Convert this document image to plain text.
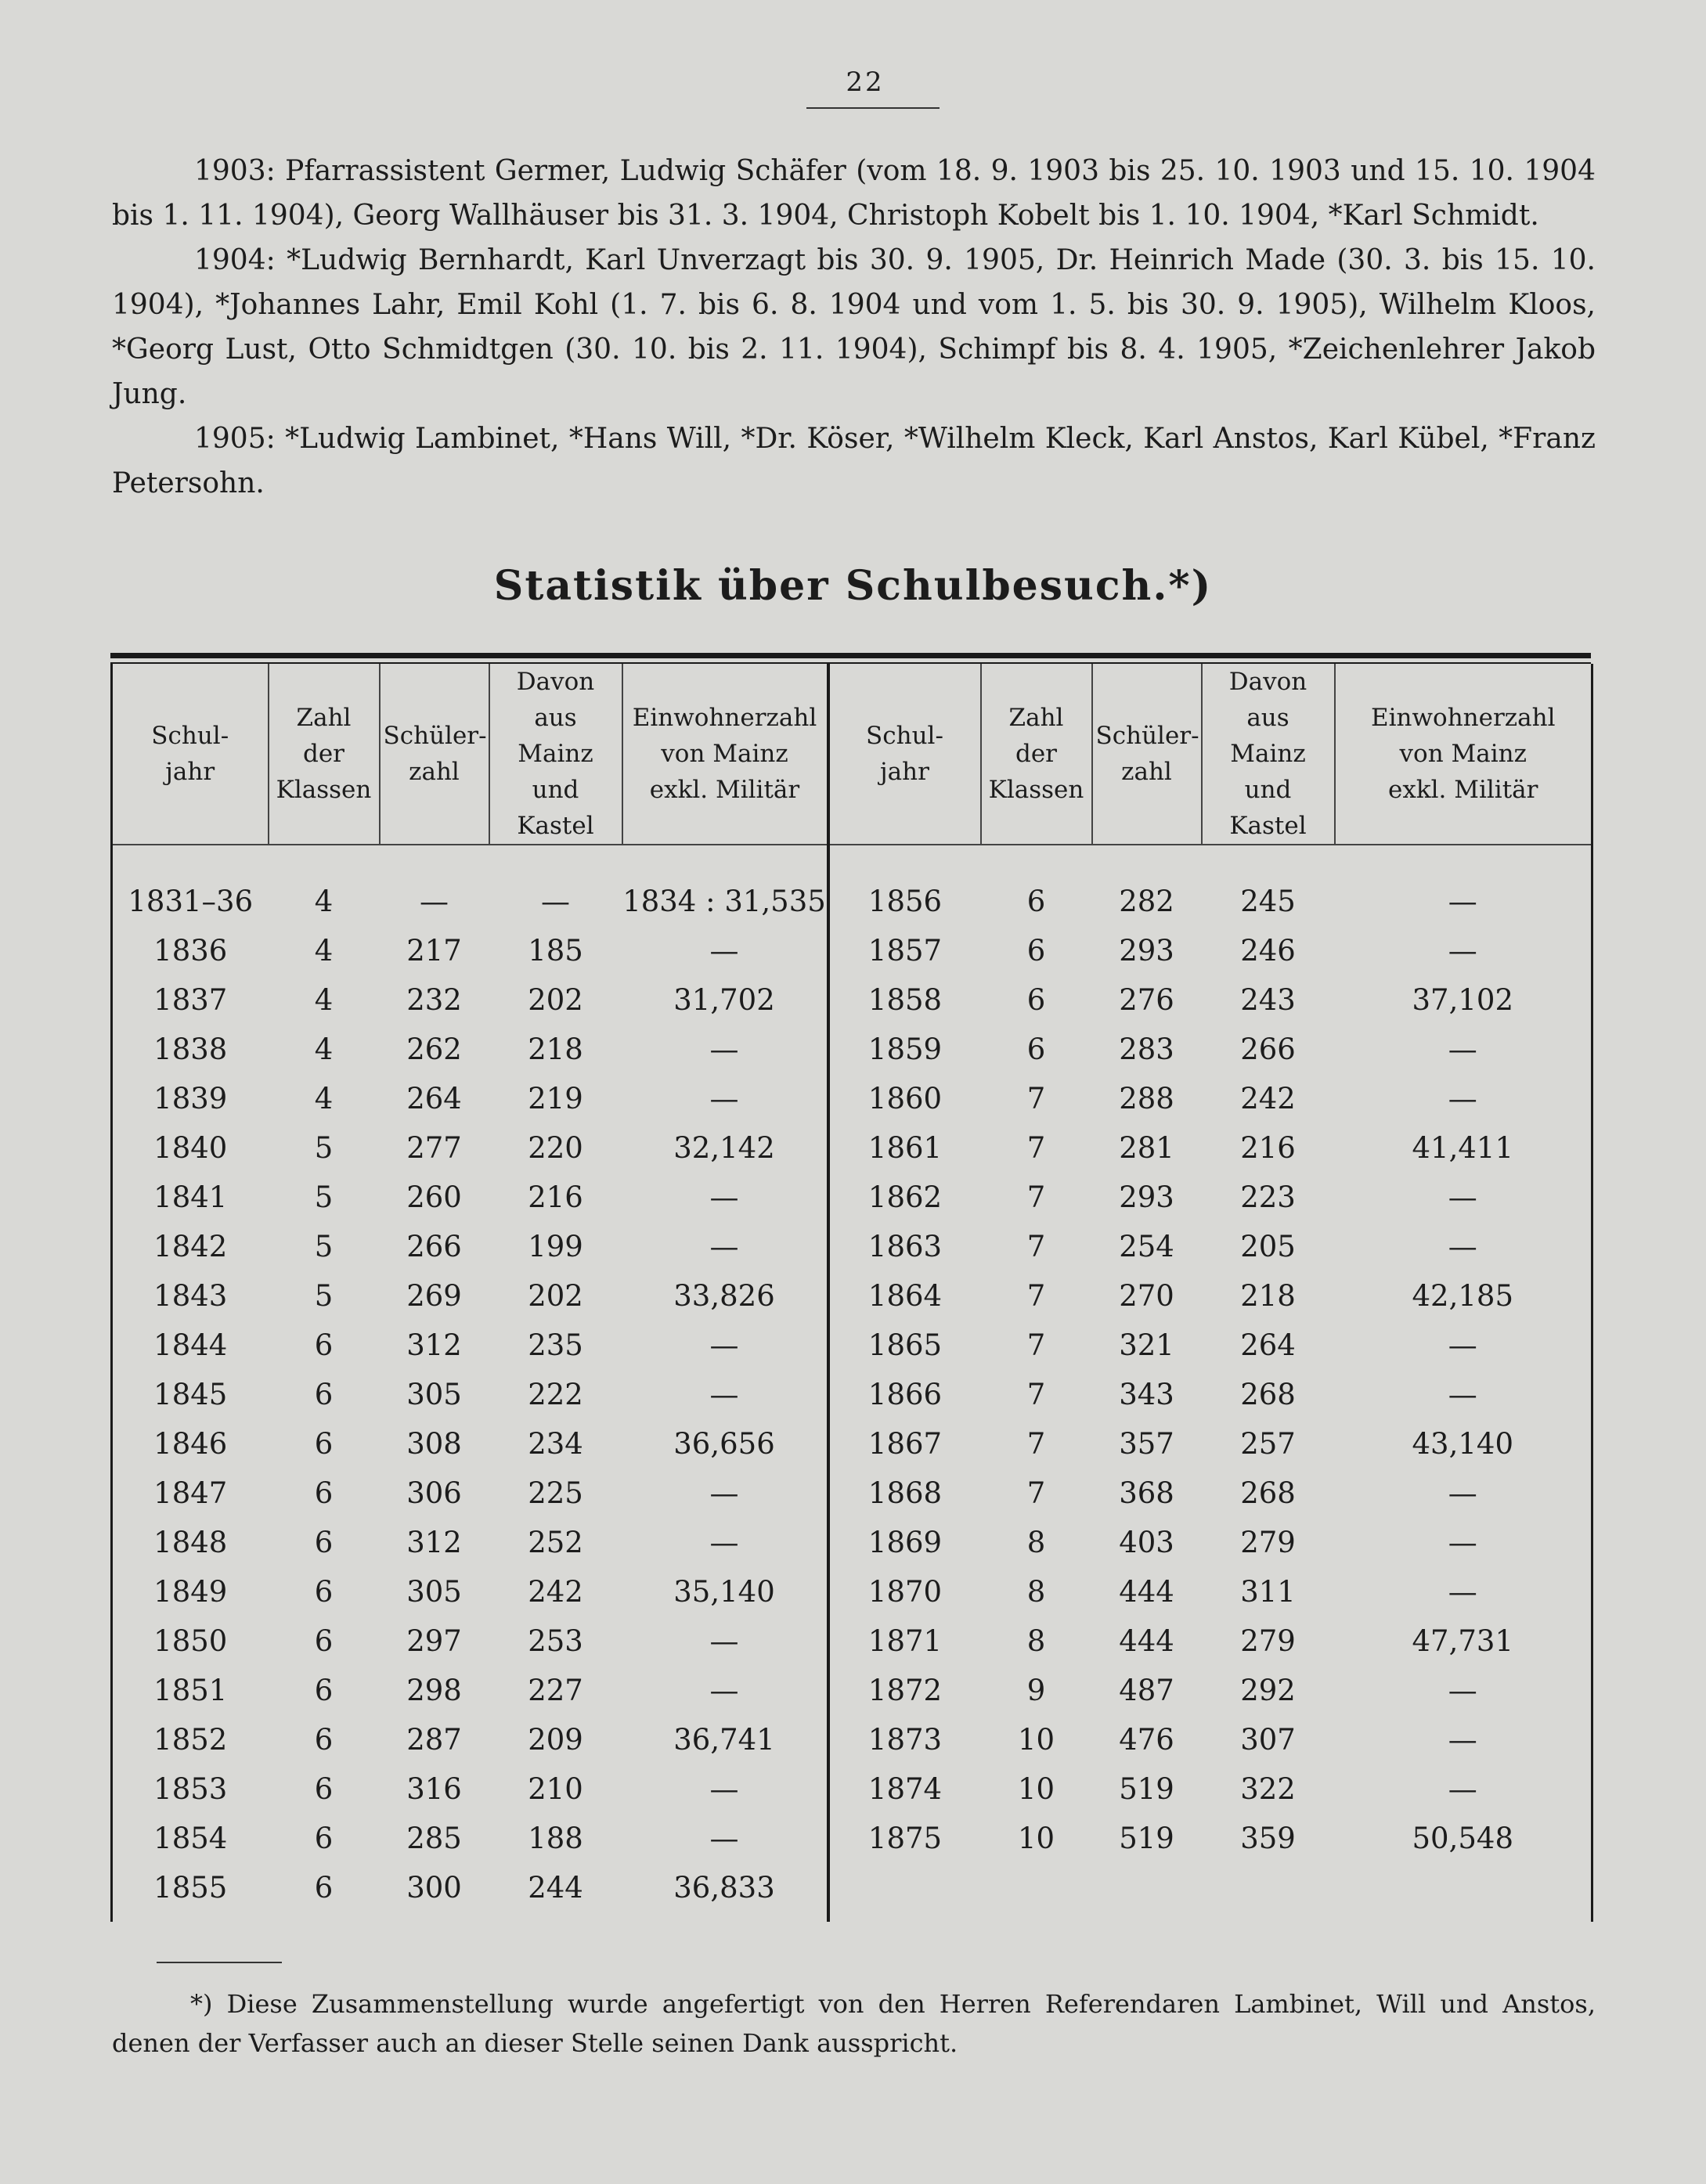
22

1903: Pfarrassistent Germer, Ludwig Schäfer (vom 18. 9. 1903 bis 25. 10. 1903 und 15. 10. 1904 bis 1. 11. 1904), Georg Wallhäuser bis 31. 3. 1904, Christoph Kobelt bis 1. 10. 1904, *Karl Schmidt.

1904: *Ludwig Bernhardt, Karl Unverzagt bis 30. 9. 1905, Dr. Heinrich Made (30. 3. bis 15. 10. 1904), *Johannes Lahr, Emil Kohl (1. 7. bis 6. 8. 1904 und vom 1. 5. bis 30. 9. 1905), Wilhelm Kloos, *Georg Lust, Otto Schmidtgen (30. 10. bis 2. 11. 1904), Schimpf bis 8. 4. 1905, *Zeichenlehrer Jakob Jung.

1905: *Ludwig Lambinet, *Hans Will, *Dr. Köser, *Wilhelm Kleck, Karl Anstos, Karl Kübel, *Franz Petersohn.

Statistik über Schulbesuch.*)
Schul-
jahr	Zahl der
Klassen	Schüler-
zahl	Davon aus
Mainz
und Kastel	Einwohnerzahl
von Mainz
exkl. Militär	Schul-
jahr	Zahl der
Klassen	Schüler-
zahl	Davon aus
Mainz
und Kastel	Einwohnerzahl
von Mainz
exkl. Militär

1831–36	4	—	—	1834 : 31,535	1856	6	282	245	—
1836	4	217	185	—	1857	6	293	246	—
1837	4	232	202	31,702	1858	6	276	243	37,102
1838	4	262	218	—	1859	6	283	266	—
1839	4	264	219	—	1860	7	288	242	—
1840	5	277	220	32,142	1861	7	281	216	41,411
1841	5	260	216	—	1862	7	293	223	—
1842	5	266	199	—	1863	7	254	205	—
1843	5	269	202	33,826	1864	7	270	218	42,185
1844	6	312	235	—	1865	7	321	264	—
1845	6	305	222	—	1866	7	343	268	—
1846	6	308	234	36,656	1867	7	357	257	43,140
1847	6	306	225	—	1868	7	368	268	—
1848	6	312	252	—	1869	8	403	279	—
1849	6	305	242	35,140	1870	8	444	311	—
1850	6	297	253	—	1871	8	444	279	47,731
1851	6	298	227	—	1872	9	487	292	—
1852	6	287	209	36,741	1873	10	476	307	—
1853	6	316	210	—	1874	10	519	322	—
1854	6	285	188	—	1875	10	519	359	50,548
1855	6	300	244	36,833					

*) Diese Zusammenstellung wurde angefertigt von den Herren Referendaren Lambinet, Will und Anstos, denen der Verfasser auch an dieser Stelle seinen Dank ausspricht.
